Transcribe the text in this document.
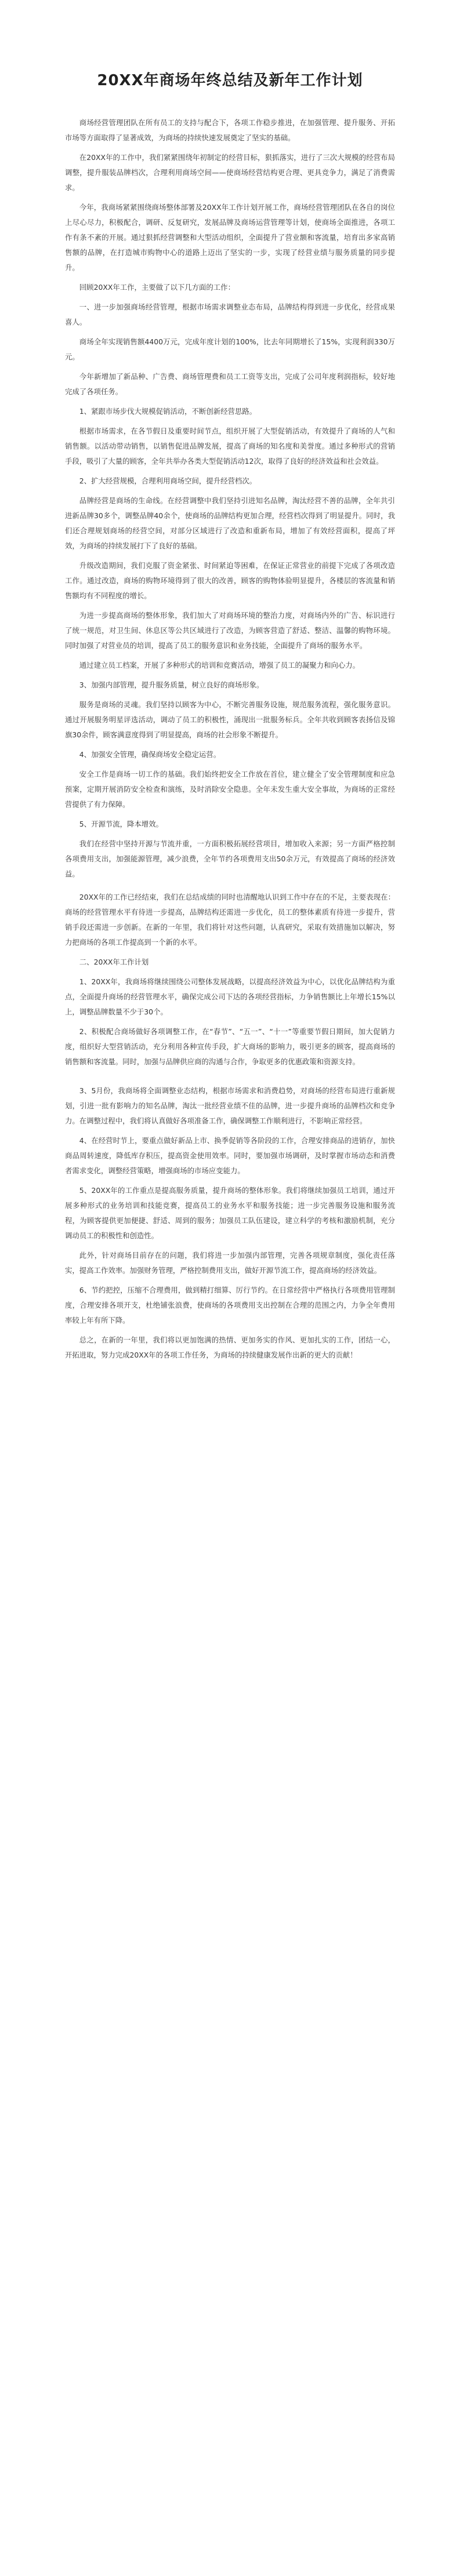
20XX年商场年终总结及新年工作计划

商场经营管理团队在所有员工的支持与配合下，各项工作稳步推进，在加强管理、提升服务、开拓市场等方面取得了显著成效，为商场的持续快速发展奠定了坚实的基础。

在20XX年的工作中，我们紧紧围绕年初制定的经营目标，狠抓落实，进行了三次大规模的经营布局调整，提升服装品牌档次，合理利用商场空间——使商场经营结构更合理、更具竞争力，满足了消费需求。

今年，我商场紧紧围绕商场整体部署及20XX年工作计划开展工作，商场经营管理团队在各自的岗位上尽心尽力，积极配合，调研、反复研究，发展品牌及商场运营管理等计划，使商场全面推进，各项工作有条不紊的开展。通过狠抓经营调整和大型活动组织，全面提升了营业额和客流量，培育出多家高销售额的品牌，在打造城市购物中心的道路上迈出了坚实的一步，实现了经营业绩与服务质量的同步提升。

回顾20XX年工作，主要做了以下几方面的工作：

一、进一步加强商场经营管理，根据市场需求调整业态布局，品牌结构得到进一步优化，经营成果喜人。

商场全年实现销售额4400万元，完成年度计划的100%，比去年同期增长了15%，实现利润330万元。

今年新增加了新品种、广告费、商场管理费和员工工资等支出，完成了公司年度利润指标，较好地完成了各项任务。

1、紧跟市场步伐大规模促销活动，不断创新经营思路。

根据市场需求，在各节假日及重要时间节点，组织开展了大型促销活动，有效提升了商场的人气和销售额。以活动带动销售，以销售促进品牌发展，提高了商场的知名度和美誉度。通过多种形式的营销手段，吸引了大量的顾客，全年共举办各类大型促销活动12次，取得了良好的经济效益和社会效益。

2、扩大经营规模，合理利用商场空间，提升经营档次。

品牌经营是商场的生命线。在经营调整中我们坚持引进知名品牌，淘汰经营不善的品牌，全年共引进新品牌30多个，调整品牌40余个，使商场的品牌结构更加合理，经营档次得到了明显提升。同时，我们还合理规划商场的经营空间，对部分区域进行了改造和重新布局，增加了有效经营面积，提高了坪效，为商场的持续发展打下了良好的基础。

升级改造期间，我们克服了资金紧张、时间紧迫等困难，在保证正常营业的前提下完成了各项改造工作。通过改造，商场的购物环境得到了很大的改善，顾客的购物体验明显提升，各楼层的客流量和销售额均有不同程度的增长。

为进一步提高商场的整体形象，我们加大了对商场环境的整治力度，对商场内外的广告、标识进行了统一规范，对卫生间、休息区等公共区域进行了改造，为顾客营造了舒适、整洁、温馨的购物环境。同时加强了对营业员的培训，提高了员工的服务意识和业务技能，全面提升了商场的服务水平。

通过建立员工档案，开展了多种形式的培训和竞赛活动，增强了员工的凝聚力和向心力。

3、加强内部管理，提升服务质量，树立良好的商场形象。

服务是商场的灵魂。我们坚持以顾客为中心，不断完善服务设施，规范服务流程，强化服务意识。通过开展服务明星评选活动，调动了员工的积极性，涌现出一批服务标兵。全年共收到顾客表扬信及锦旗30余件，顾客满意度得到了明显提高，商场的社会形象不断提升。

4、加强安全管理，确保商场安全稳定运营。

安全工作是商场一切工作的基础。我们始终把安全工作放在首位，建立健全了安全管理制度和应急预案，定期开展消防安全检查和演练，及时消除安全隐患。全年未发生重大安全事故，为商场的正常经营提供了有力保障。

5、开源节流，降本增效。

我们在经营中坚持开源与节流并重，一方面积极拓展经营项目，增加收入来源；另一方面严格控制各项费用支出，加强能源管理，减少浪费，全年节约各项费用支出50余万元，有效提高了商场的经济效益。

20XX年的工作已经结束，我们在总结成绩的同时也清醒地认识到工作中存在的不足，主要表现在：商场的经营管理水平有待进一步提高，品牌结构还需进一步优化，员工的整体素质有待进一步提升，营销手段还需进一步创新。在新的一年里，我们将针对这些问题，认真研究，采取有效措施加以解决，努力把商场的各项工作提高到一个新的水平。

二、20XX年工作计划

1、20XX年，我商场将继续围绕公司整体发展战略，以提高经济效益为中心，以优化品牌结构为重点，全面提升商场的经营管理水平，确保完成公司下达的各项经营指标，力争销售额比上年增长15%以上，调整品牌数量不少于30个。

2、积极配合商场做好各项调整工作，在“春节”、“五一”、“十一”等重要节假日期间，加大促销力度，组织好大型营销活动，充分利用各种宣传手段，扩大商场的影响力，吸引更多的顾客，提高商场的销售额和客流量。同时，加强与品牌供应商的沟通与合作，争取更多的优惠政策和资源支持。

3、5月份，我商场将全面调整业态结构，根据市场需求和消费趋势，对商场的经营布局进行重新规划，引进一批有影响力的知名品牌，淘汰一批经营业绩不佳的品牌，进一步提升商场的品牌档次和竞争力。在调整过程中，我们将认真做好各项准备工作，确保调整工作顺利进行，不影响正常经营。

4、在经营时节上，要重点做好新品上市、换季促销等各阶段的工作，合理安排商品的进销存，加快商品周转速度，降低库存积压，提高资金使用效率。同时，要加强市场调研，及时掌握市场动态和消费者需求变化，调整经营策略，增强商场的市场应变能力。

5、20XX年的工作重点是提高服务质量，提升商场的整体形象。我们将继续加强员工培训，通过开展多种形式的业务培训和技能竞赛，提高员工的业务水平和服务技能；进一步完善服务设施和服务流程，为顾客提供更加便捷、舒适、周到的服务；加强员工队伍建设，建立科学的考核和激励机制，充分调动员工的积极性和创造性。

此外，针对商场目前存在的问题，我们将进一步加强内部管理，完善各项规章制度，强化责任落实，提高工作效率。加强财务管理，严格控制费用支出，做好开源节流工作，提高商场的经济效益。

6、节约把控，压缩不合理费用，做到精打细算、厉行节约。在日常经营中严格执行各项费用管理制度，合理安排各项开支，杜绝铺张浪费，使商场的各项费用支出控制在合理的范围之内，力争全年费用率较上年有所下降。

总之，在新的一年里，我们将以更加饱满的热情、更加务实的作风、更加扎实的工作，团结一心，开拓进取，努力完成20XX年的各项工作任务，为商场的持续健康发展作出新的更大的贡献！
